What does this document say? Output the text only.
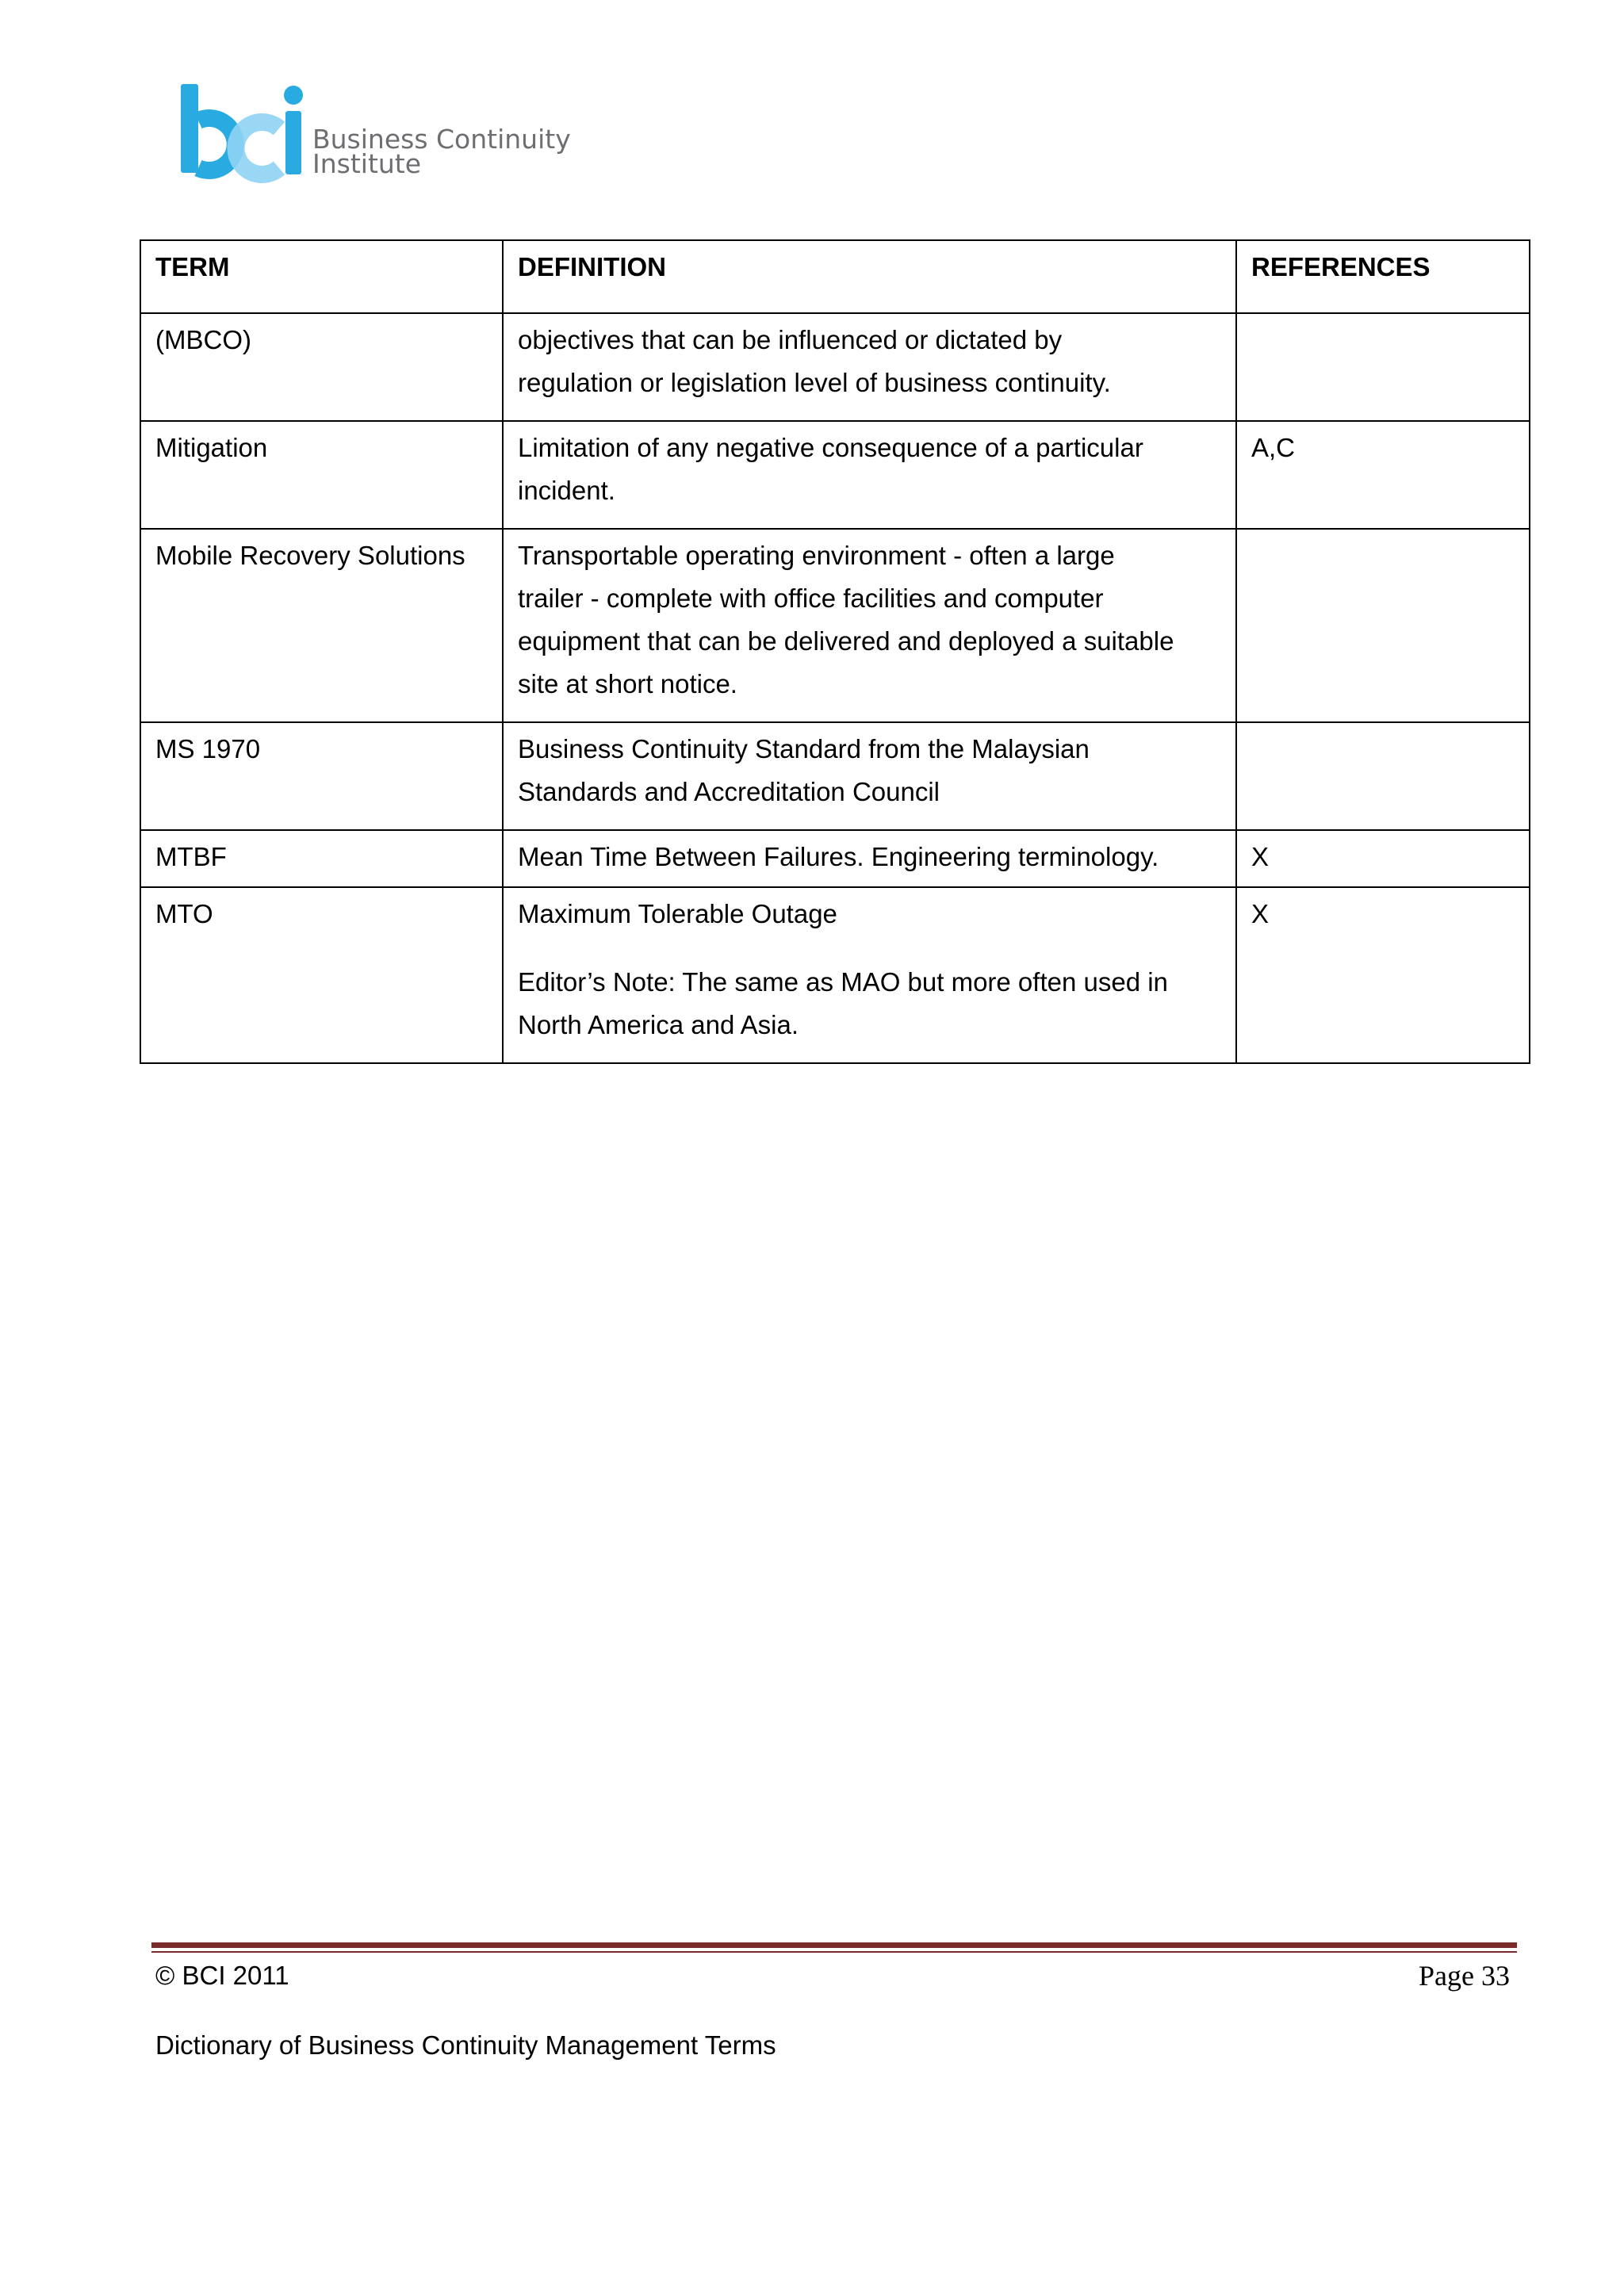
Business Continuity
Institute
TERM	DEFINITION	REFERENCES
(MBCO)	objectives that can be influenced or dictated by
regulation or legislation level of business continuity.	

Mitigation	Limitation of any negative consequence of a particular
incident.	A,C
Mobile Recovery Solutions	Transportable operating environment - often a large
trailer - complete with office facilities and computer
equipment that can be delivered and deployed a suitable
site at short notice.	

MS 1970	Business Continuity Standard from the Malaysian
Standards and Accreditation Council	

MTBF	Mean Time Between Failures. Engineering terminology.	X
MTO	Maximum Tolerable Outage
Editor’s Note: The same as MAO but more often used in
North America and Asia.	X
© BCI 2011	Page 33
Dictionary of Business Continuity Management Terms
